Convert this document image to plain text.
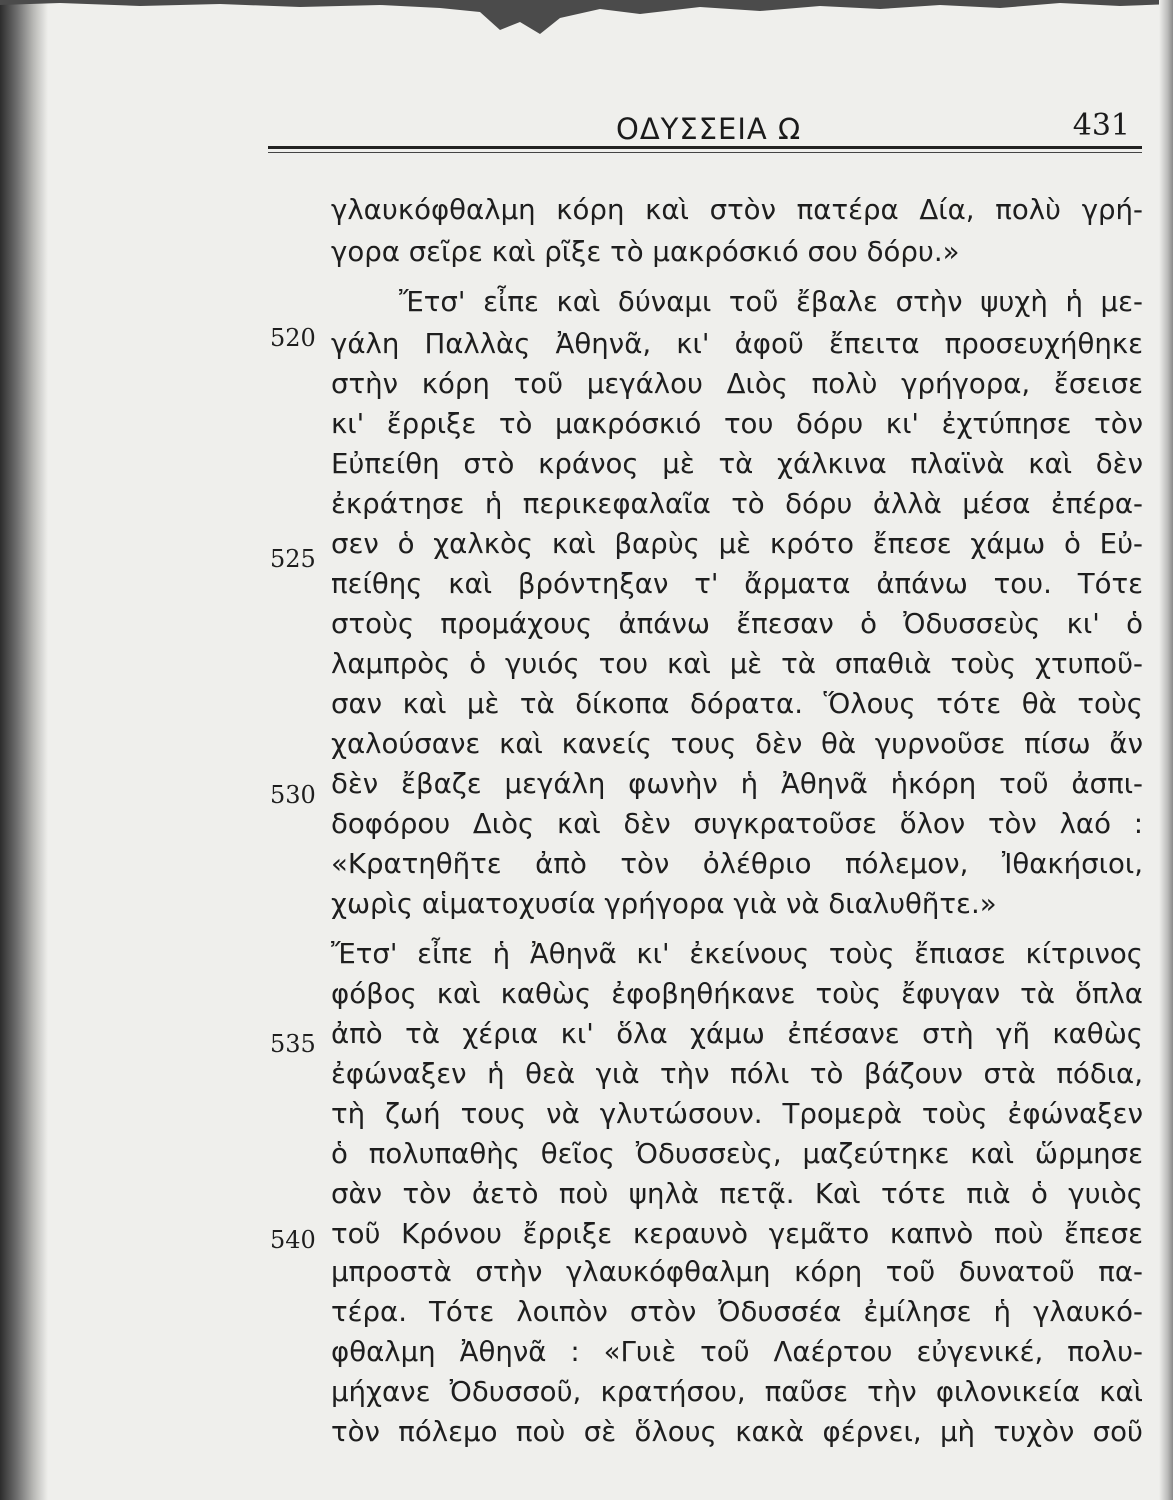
ΟΔΥΣΣΕΙΑ Ω	431
520
525
530
535
540
γλαυκόφθαλμη κόρη καὶ στὸν πατέρα Δία, πολὺ γρή-
γορα σεῖρε καὶ ρῖξε τὸ μακρόσκιό σου δόρυ.»
Ἔτσ' εἶπε καὶ δύναμι τοῦ ἔβαλε στὴν ψυχὴ ἡ με-
γάλη Παλλὰς Ἀθηνᾶ, κι' ἀφοῦ ἔπειτα προσευχήθηκε
στὴν κόρη τοῦ μεγάλου Διὸς πολὺ γρήγορα, ἔσεισε
κι' ἔρριξε τὸ μακρόσκιό του δόρυ κι' ἐχτύπησε τὸν
Εὐπείθη στὸ κράνος μὲ τὰ χάλκινα πλαϊνὰ καὶ δὲν
ἐκράτησε ἡ περικεφαλαῖα τὸ δόρυ ἀλλὰ μέσα ἐπέρα-
σεν ὁ χαλκὸς καὶ βαρὺς μὲ κρότο ἔπεσε χάμω ὁ Εὐ-
πείθης καὶ βρόντηξαν τ' ἄρματα ἀπάνω του. Τότε
στοὺς προμάχους ἀπάνω ἔπεσαν ὁ Ὀδυσσεὺς κι' ὁ
λαμπρὸς ὁ γυιός του καὶ μὲ τὰ σπαθιὰ τοὺς χτυποῦ-
σαν καὶ μὲ τὰ δίκοπα δόρατα. Ὅλους τότε θὰ τοὺς
χαλούσανε καὶ κανείς τους δὲν θὰ γυρνοῦσε πίσω ἄν
δὲν ἔβαζε μεγάλη φωνὴν ἡ Ἀθηνᾶ ἡκόρη τοῦ ἀσπι-
δοφόρου Διὸς καὶ δὲν συγκρατοῦσε ὅλον τὸν λαό :
«Κρατηθῆτε ἀπὸ τὸν ὀλέθριο πόλεμον, Ἰθακήσιοι,
χωρὶς αἱματοχυσία γρήγορα γιὰ νὰ διαλυθῆτε.»
Ἔτσ' εἶπε ἡ Ἀθηνᾶ κι' ἐκείνους τοὺς ἔπιασε κίτρινος
φόβος καὶ καθὼς ἐφοβηθήκανε τοὺς ἔφυγαν τὰ ὅπλα
ἀπὸ τὰ χέρια κι' ὅλα χάμω ἐπέσανε στὴ γῆ καθὼς
ἐφώναξεν ἡ θεὰ γιὰ τὴν πόλι τὸ βάζουν στὰ πόδια,
τὴ ζωή τους νὰ γλυτώσουν. Τρομερὰ τοὺς ἐφώναξεν
ὁ πολυπαθὴς θεῖος Ὀδυσσεὺς, μαζεύτηκε καὶ ὥρμησε
σὰν τὸν ἀετὸ ποὺ ψηλὰ πετᾷ. Καὶ τότε πιὰ ὁ γυιὸς
τοῦ Κρόνου ἔρριξε κεραυνὸ γεμᾶτο καπνὸ ποὺ ἔπεσε
μπροστὰ στὴν γλαυκόφθαλμη κόρη τοῦ δυνατοῦ πα-
τέρα. Τότε λοιπὸν στὸν Ὀδυσσέα ἐμίλησε ἡ γλαυκό-
φθαλμη Ἀθηνᾶ : «Γυιὲ τοῦ Λαέρτου εὐγενικέ, πολυ-
μήχανε Ὀδυσσοῦ, κρατήσου, παῦσε τὴν φιλονικεία καὶ
τὸν πόλεμο ποὺ σὲ ὅλους κακὰ φέρνει, μὴ τυχὸν σοῦ
